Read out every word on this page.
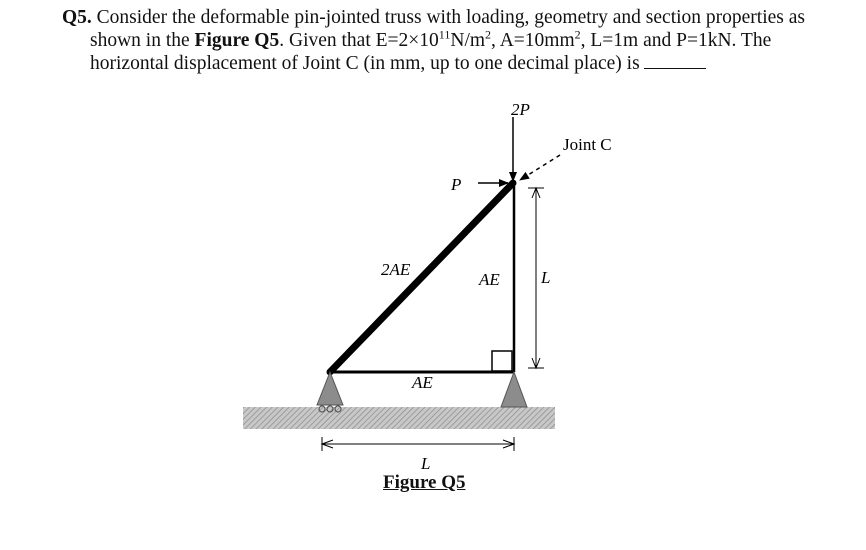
Q5. Consider the deformable pin-jointed truss with loading, geometry and section properties as

shown in the Figure Q5. Given that $E=2\times 10^{11}N/m^2$, $A=10mm^2$, L=1m and P=1kN. The
horizontal displacement of Joint C (in mm, up to one decimal place) is
2P
Joint C
P
2AE
AE
AE
L
L
Figure Q5
